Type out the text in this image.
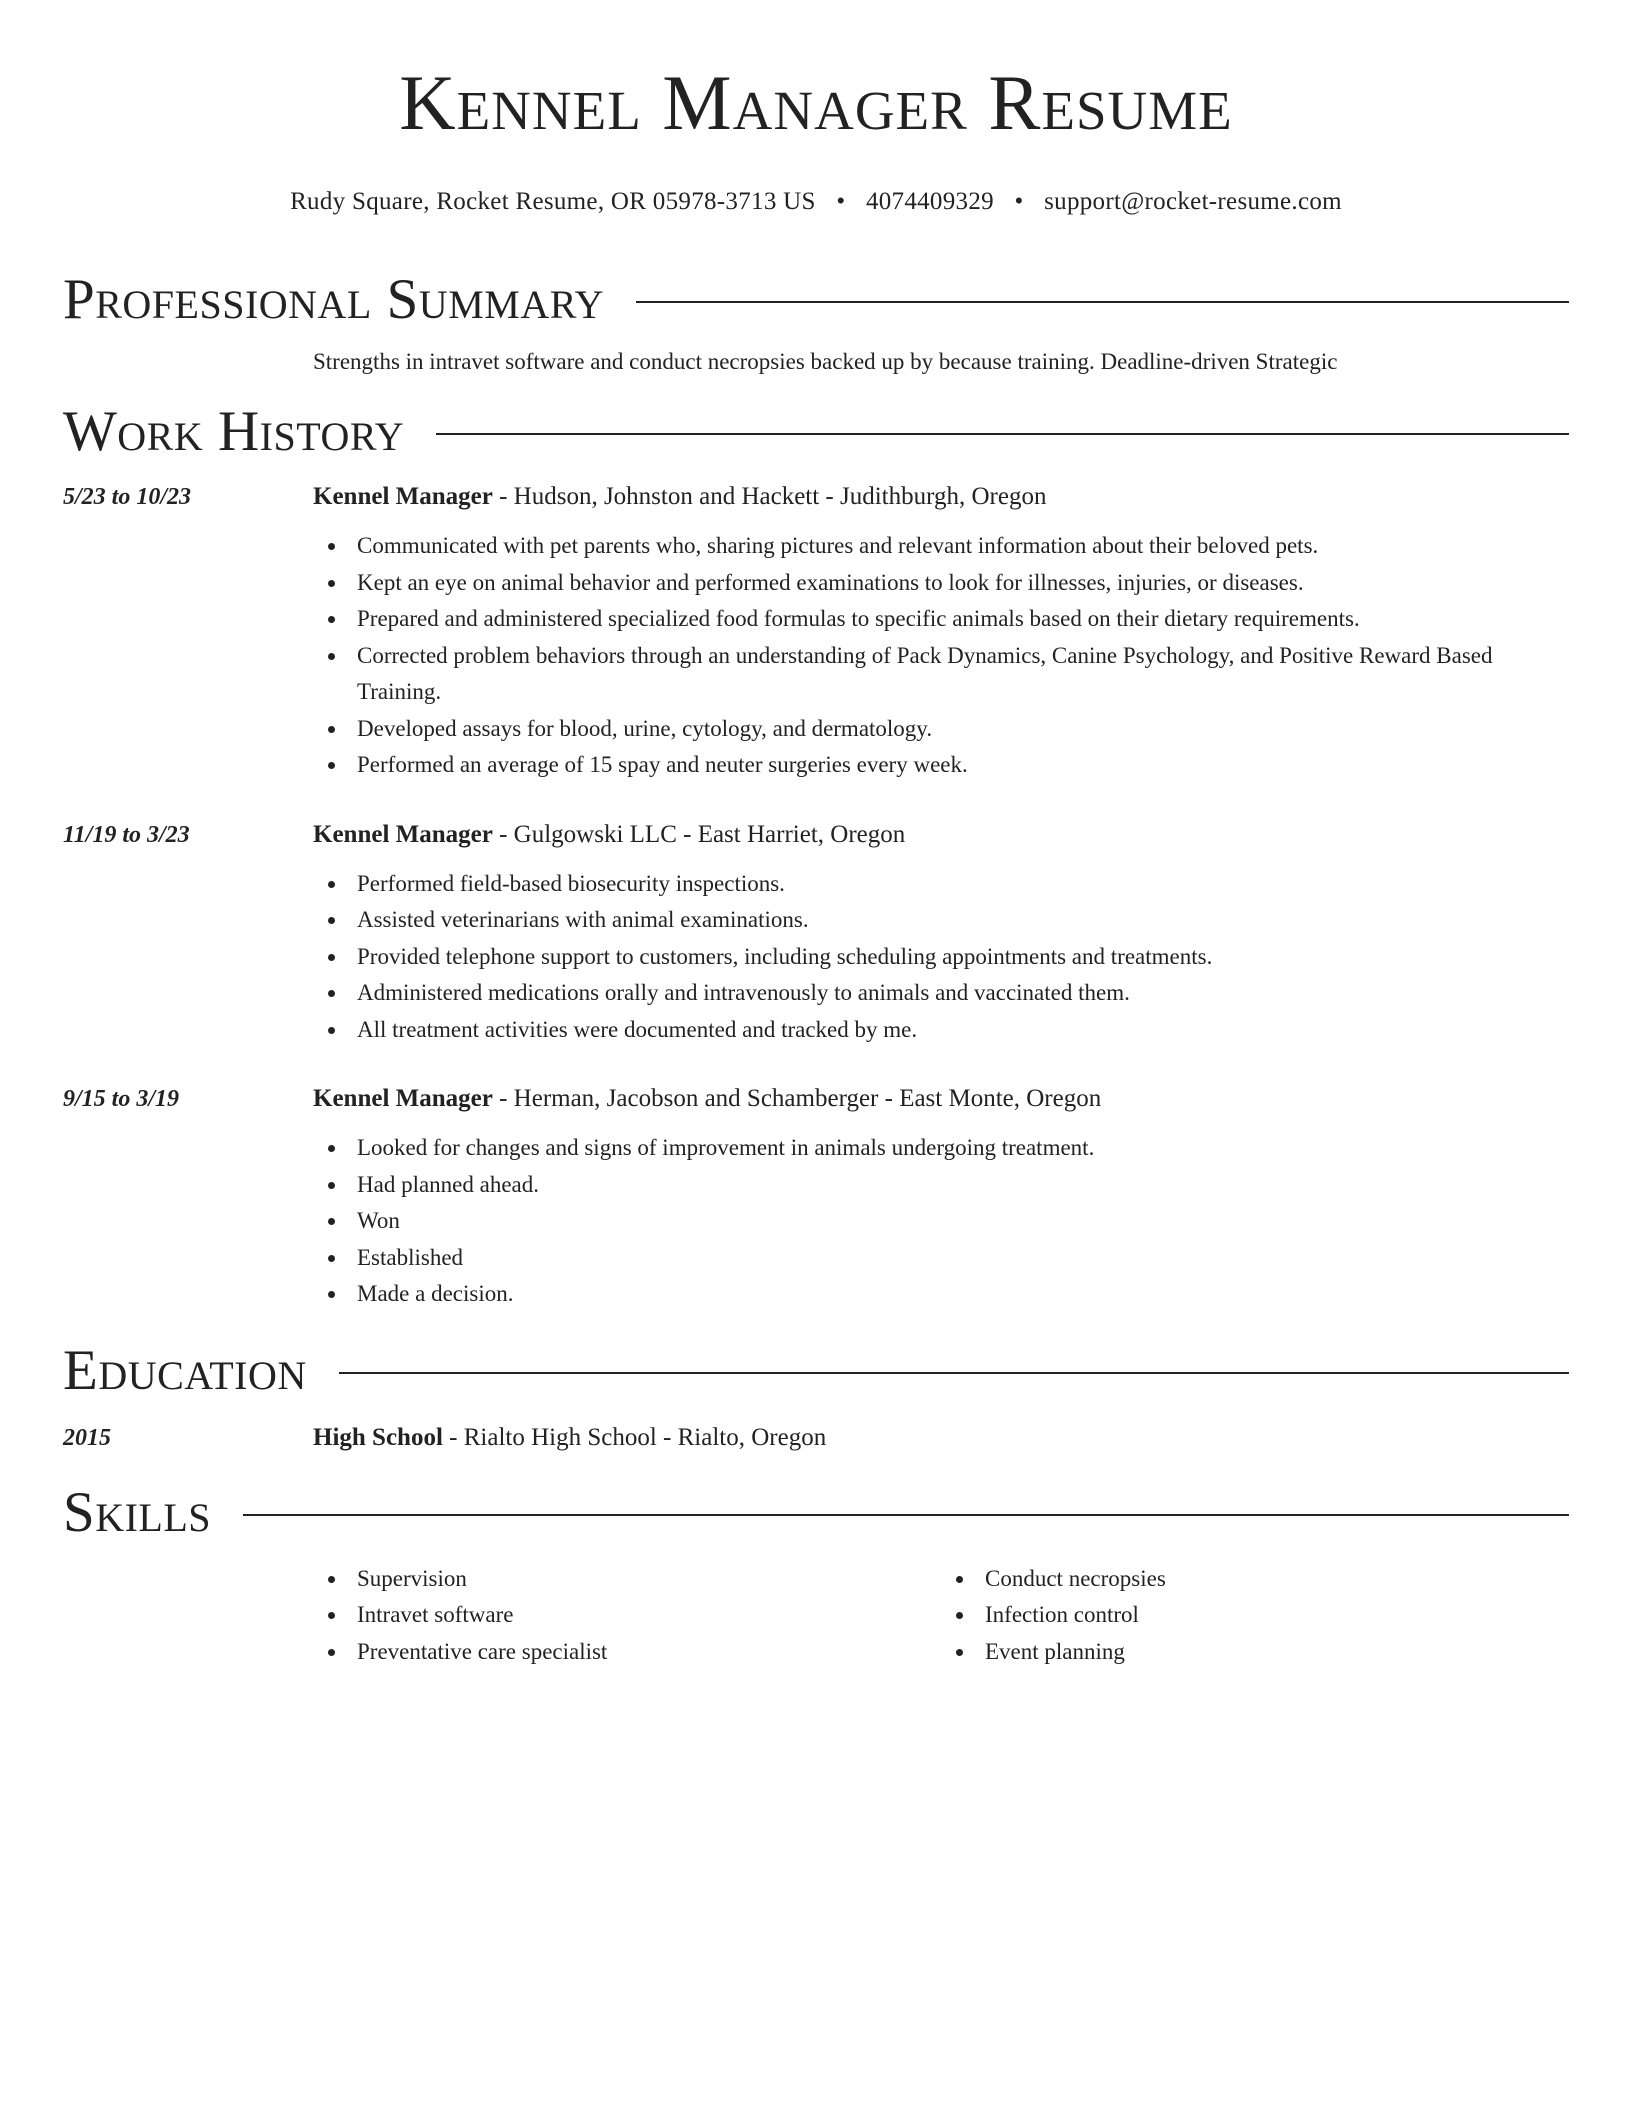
Kennel Manager Resume
Rudy Square, Rocket Resume, OR 05978-3713 US • 4074409329 • support@rocket-resume.com
Professional Summary
Strengths in intravet software and conduct necropsies backed up by because training. Deadline-driven Strategic
Work History
5/23 to 10/23	Kennel Manager - Hudson, Johnston and Hackett - Judithburgh, Oregon
Communicated with pet parents who, sharing pictures and relevant information about their beloved pets.
Kept an eye on animal behavior and performed examinations to look for illnesses, injuries, or diseases.
Prepared and administered specialized food formulas to specific animals based on their dietary requirements.
Corrected problem behaviors through an understanding of Pack Dynamics, Canine Psychology, and Positive Reward Based Training.
Developed assays for blood, urine, cytology, and dermatology.
Performed an average of 15 spay and neuter surgeries every week.
11/19 to 3/23	Kennel Manager - Gulgowski LLC - East Harriet, Oregon
Performed field-based biosecurity inspections.
Assisted veterinarians with animal examinations.
Provided telephone support to customers, including scheduling appointments and treatments.
Administered medications orally and intravenously to animals and vaccinated them.
All treatment activities were documented and tracked by me.
9/15 to 3/19	Kennel Manager - Herman, Jacobson and Schamberger - East Monte, Oregon
Looked for changes and signs of improvement in animals undergoing treatment.
Had planned ahead.
Won
Established
Made a decision.
Education
2015	High School - Rialto High School - Rialto, Oregon
Skills
Supervision
Intravet software
Preventative care specialist
Conduct necropsies
Infection control
Event planning
